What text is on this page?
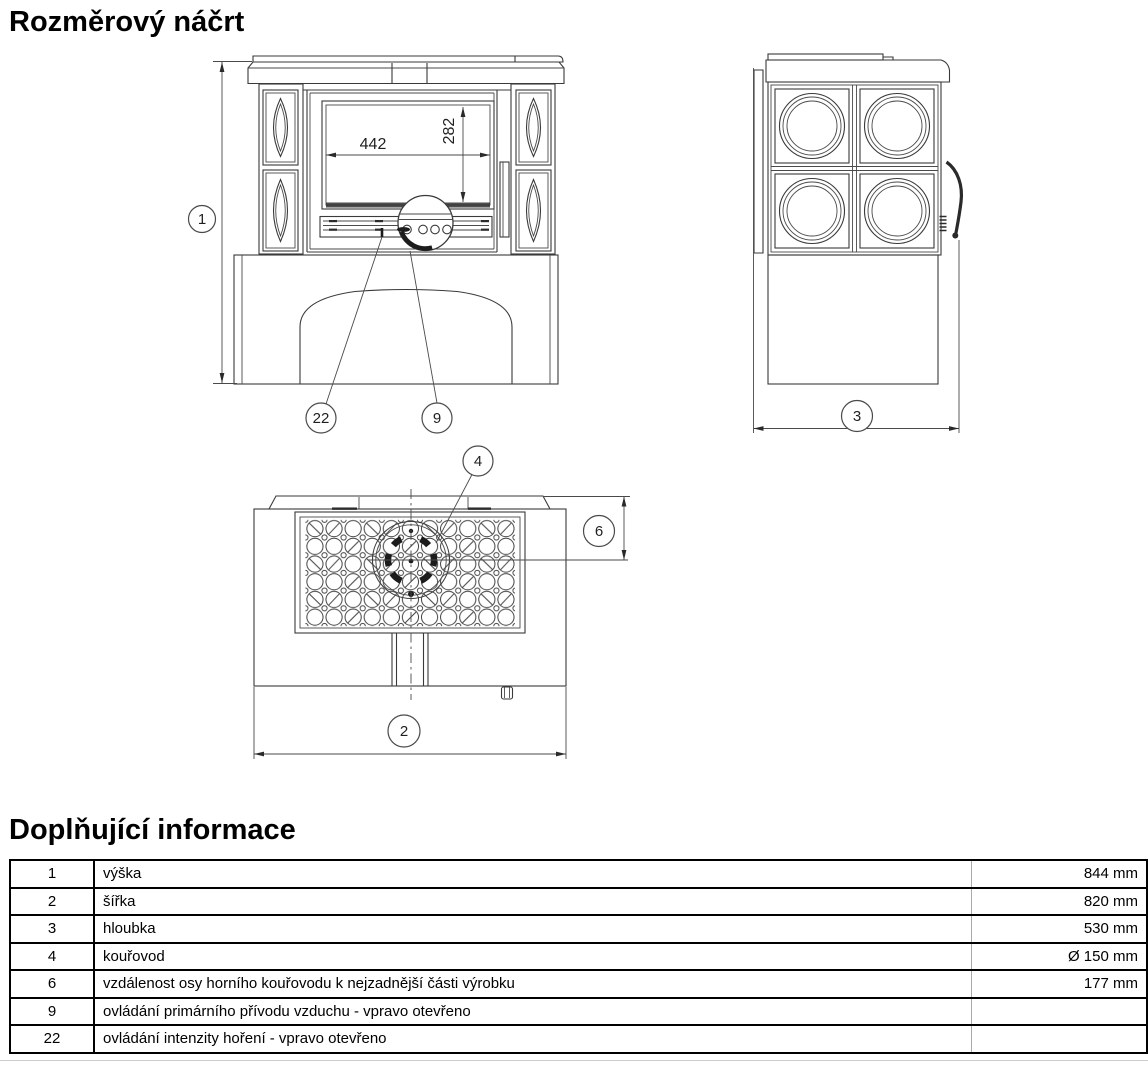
442
282
1
22	9	3
2
6
4
Rozměrový náčrt
Doplňující informace
1	výška	844 mm
2	šířka	820 mm
3	hloubka	530 mm
4	kouřovod	Ø 150 mm
6	vzdálenost osy horního kouřovodu k nejzadnější části výrobku	177 mm
9	ovládání primárního přívodu vzduchu - vpravo otevřeno	
22	ovládání intenzity hoření - vpravo otevřeno	
